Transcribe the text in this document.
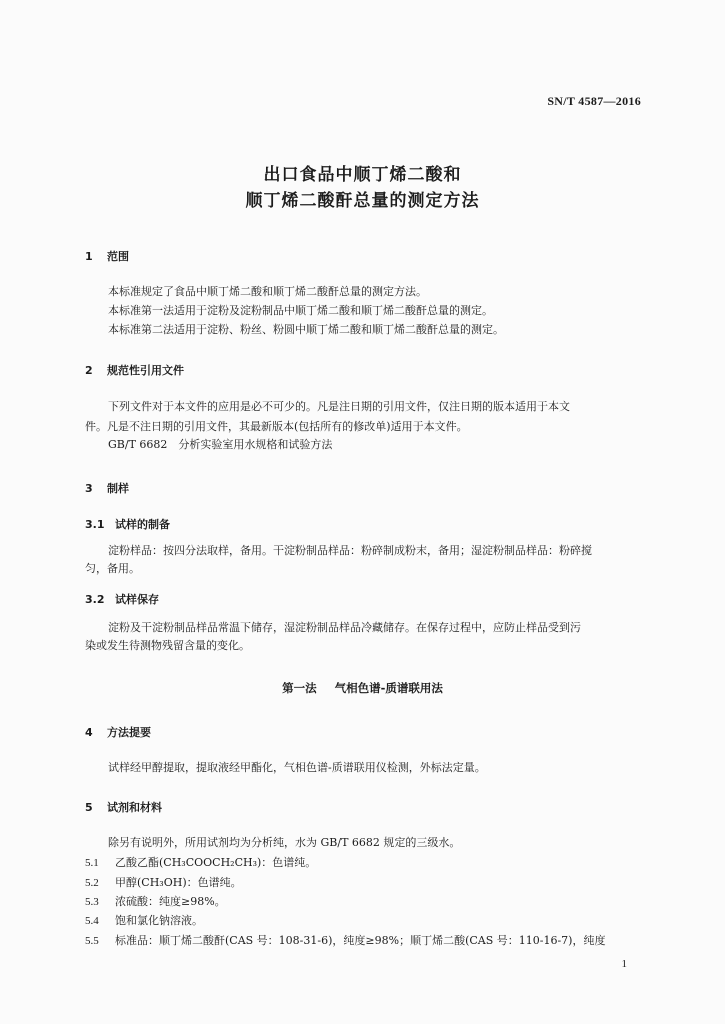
SN/T 4587—2016
出口食品中顺丁烯二酸和
顺丁烯二酸酐总量的测定方法
1 范围
本标准规定了食品中顺丁烯二酸和顺丁烯二酸酐总量的测定方法。
本标准第一法适用于淀粉及淀粉制品中顺丁烯二酸和顺丁烯二酸酐总量的测定。
本标准第二法适用于淀粉、粉丝、粉圆中顺丁烯二酸和顺丁烯二酸酐总量的测定。
2 规范性引用文件
下列文件对于本文件的应用是必不可少的。凡是注日期的引用文件，仅注日期的版本适用于本文
件。凡是不注日期的引用文件，其最新版本(包括所有的修改单)适用于本文件。
GB/T 6682　分析实验室用水规格和试验方法
3 制样
3.1 试样的制备
淀粉样品：按四分法取样，备用。干淀粉制品样品：粉碎制成粉末，备用；湿淀粉制品样品：粉碎搅
匀，备用。
3.2 试样保存
淀粉及干淀粉制品样品常温下储存，湿淀粉制品样品冷藏储存。在保存过程中，应防止样品受到污
染或发生待测物残留含量的变化。
第一法 气相色谱-质谱联用法
4 方法提要
试样经甲醇提取，提取液经甲酯化，气相色谱-质谱联用仪检测，外标法定量。
5 试剂和材料
除另有说明外，所用试剂均为分析纯，水为 GB/T 6682 规定的三级水。
5.1 乙酸乙酯(CH₃COOCH₂CH₃)：色谱纯。
5.2 甲醇(CH₃OH)：色谱纯。
5.3 浓硫酸：纯度≥98%。
5.4 饱和氯化钠溶液。
5.5 标准品：顺丁烯二酸酐(CAS 号：108-31-6)，纯度≥98%；顺丁烯二酸(CAS 号：110-16-7)，纯度
1
